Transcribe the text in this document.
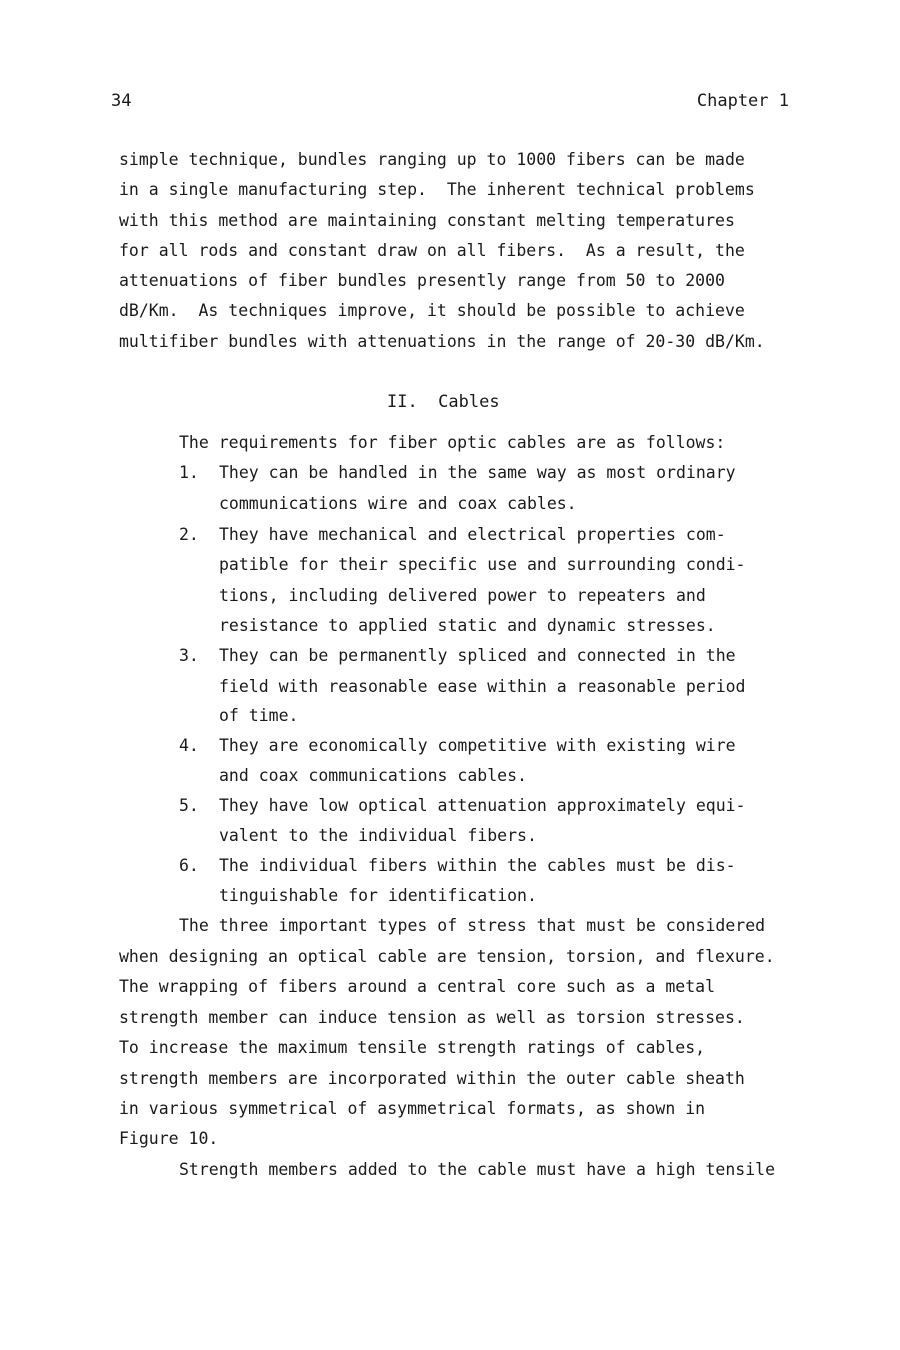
34	Chapter 1
simple technique, bundles ranging up to 1000 fibers can be made
in a single manufacturing step.  The inherent technical problems
with this method are maintaining constant melting temperatures
for all rods and constant draw on all fibers.  As a result, the
attenuations of fiber bundles presently range from 50 to 2000
dB/Km.  As techniques improve, it should be possible to achieve
multifiber bundles with attenuations in the range of 20-30 dB/Km.
II.  Cables
The requirements for fiber optic cables are as follows:
1. They can be handled in the same way as most ordinary
communications wire and coax cables.
2. They have mechanical and electrical properties com-
patible for their specific use and surrounding condi-
tions, including delivered power to repeaters and
resistance to applied static and dynamic stresses.
3. They can be permanently spliced and connected in the
field with reasonable ease within a reasonable period
of time.
4. They are economically competitive with existing wire
and coax communications cables.
5. They have low optical attenuation approximately equi-
valent to the individual fibers.
6. The individual fibers within the cables must be dis-
tinguishable for identification.
The three important types of stress that must be considered
when designing an optical cable are tension, torsion, and flexure.
The wrapping of fibers around a central core such as a metal
strength member can induce tension as well as torsion stresses.
To increase the maximum tensile strength ratings of cables,
strength members are incorporated within the outer cable sheath
in various symmetrical of asymmetrical formats, as shown in
Figure 10.
Strength members added to the cable must have a high tensile
